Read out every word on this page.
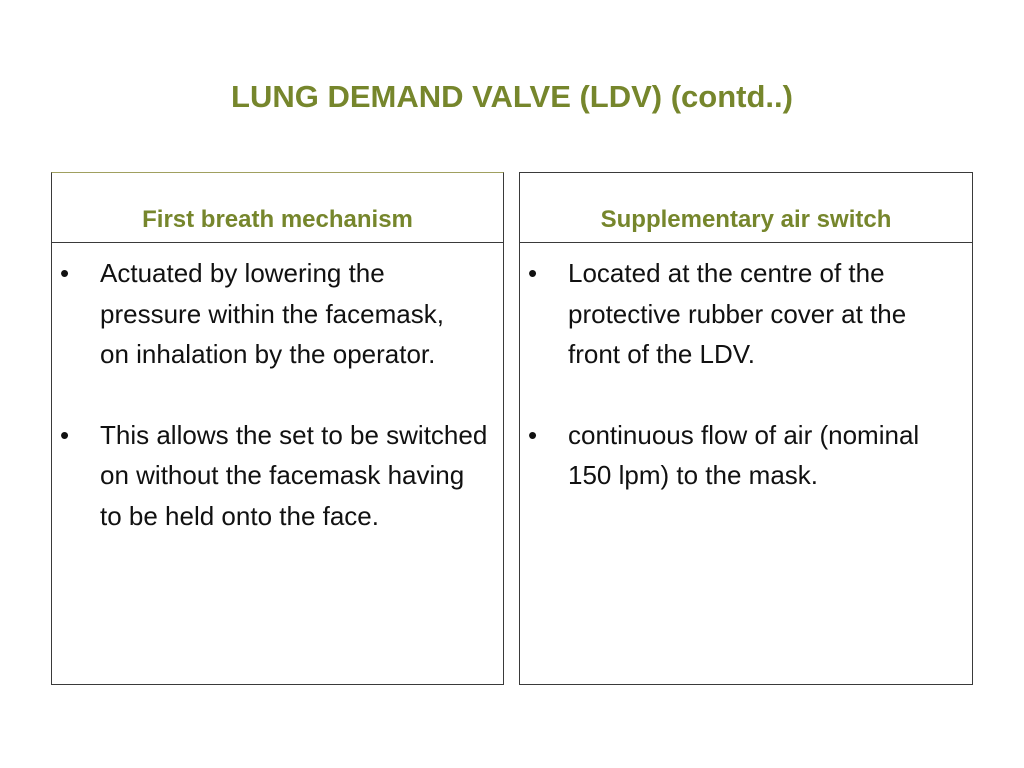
LUNG DEMAND VALVE (LDV) (contd..)
First breath mechanism
•	Actuated by lowering the pressure within the facemask,   on inhalation by the operator.
•	This allows the set to be switched on without the facemask having to be held onto the face.
Supplementary air switch
•	Located at the centre of the protective rubber cover at the front of the LDV.
•	continuous flow of air (nominal 150 lpm) to the mask.
